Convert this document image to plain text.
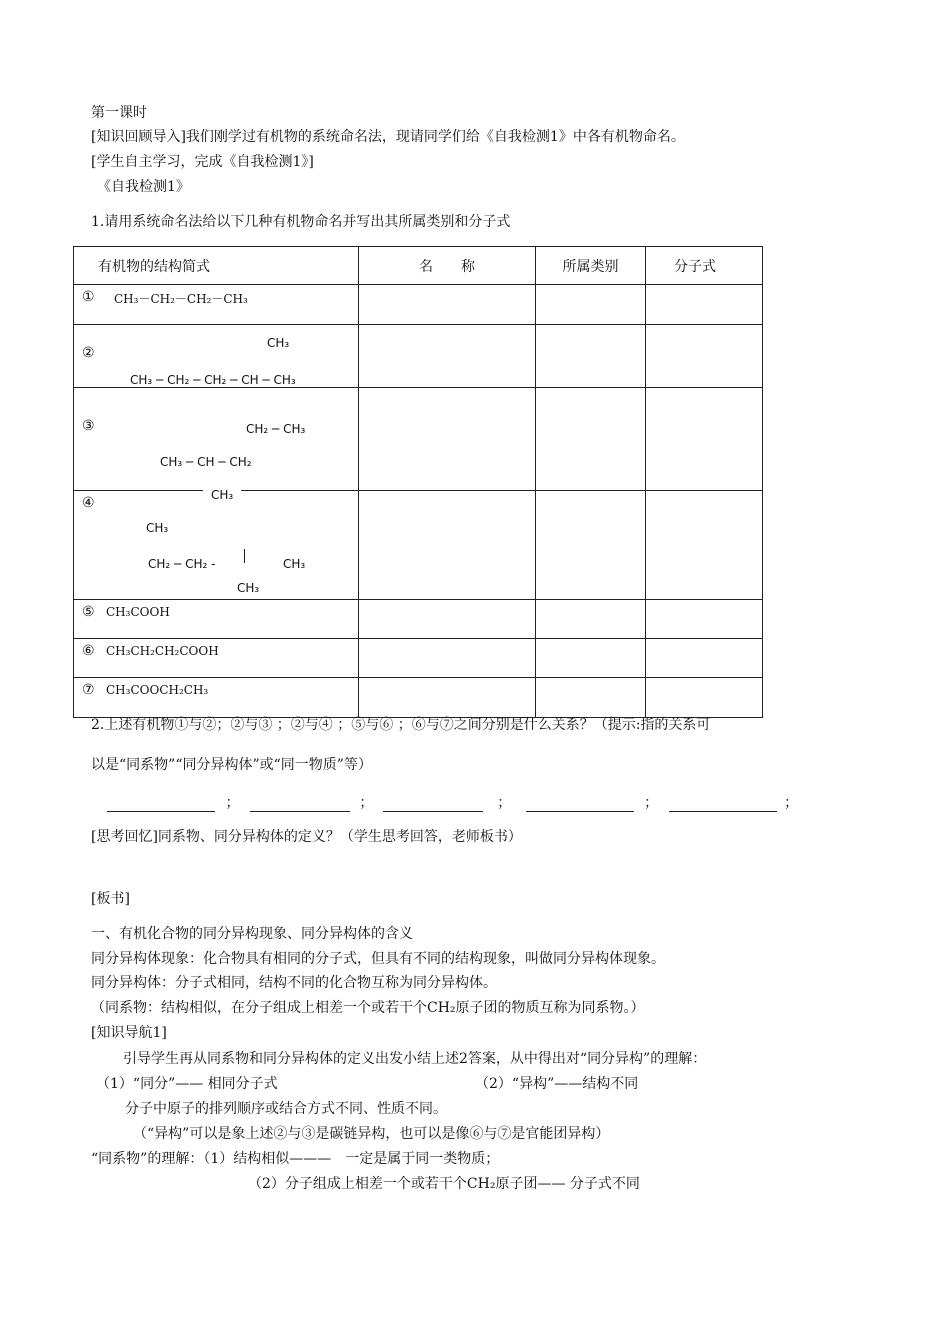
第一课时
[知识回顾导入]我们刚学过有机物的系统命名法，现请同学们给《自我检测1》中各有机物命名。
[学生自主学习，完成《自我检测1》]
《自我检测1》
1.请用系统命名法给以下几种有机物命名并写出其所属类别和分子式
有机物的结构简式	名　　称	所属类别	分子式

① CH₃－CH₂－CH₂－CH₃			

②
CH₃
CH₃ ─ CH₂ ─ CH₂ ─ CH ─ CH₃			

③ CH₂ ─ CH₃
CH₃ ─ CH ─ CH₂
CH₃			

④
CH₃
CH₂ ─ CH₂ - CH₃
CH₃			

⑤ CH₃COOH			

⑥ CH₃CH₂CH₂COOH			

⑦ CH₃COOCH₂CH₃			

2.上述有机物①与②；②与③ ；②与④ ；⑤与⑥ ；⑥与⑦之间分别是什么关系？（提示:指的关系可
以是“同系物”“同分异构体”或“同一物质”等）
；	；	；	；	；
[思考回忆]同系物、同分异构体的定义？（学生思考回答，老师板书）
[板书]
一、有机化合物的同分异构现象、同分异构体的含义
同分异构体现象：化合物具有相同的分子式，但具有不同的结构现象，叫做同分异构体现象。
同分异构体：分子式相同，结构不同的化合物互称为同分异构体。
（同系物：结构相似，在分子组成上相差一个或若干个CH₂原子团的物质互称为同系物。）
[知识导航1]
引导学生再从同系物和同分异构体的定义出发小结上述2答案，从中得出对“同分异构”的理解：
（1）“同分”—— 相同分子式	（2）“异构”——结构不同
分子中原子的排列顺序或结合方式不同、性质不同。
（“异构”可以是象上述②与③是碳链异构，也可以是像⑥与⑦是官能团异构）
“同系物”的理解：（1）结构相似———　一定是属于同一类物质；
（2）分子组成上相差一个或若干个CH₂原子团—— 分子式不同
